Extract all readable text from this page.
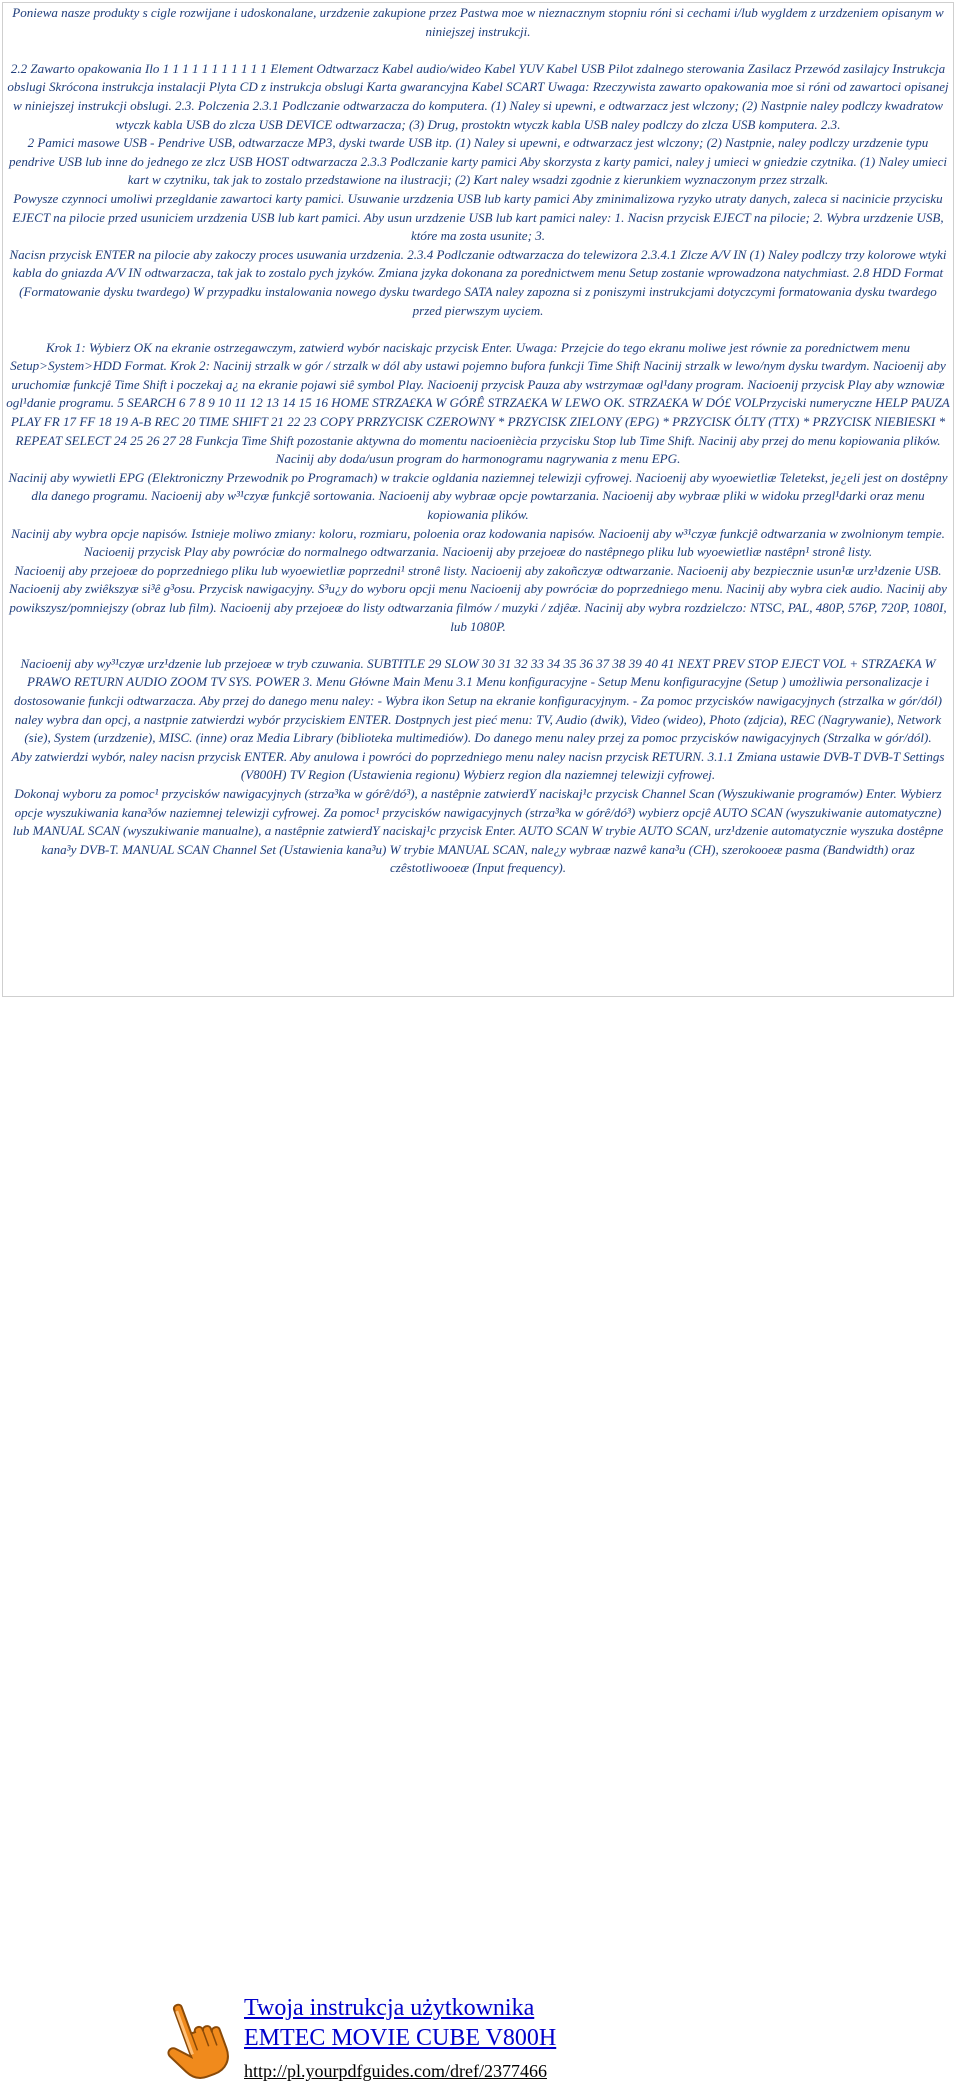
Poniewa nasze produkty s cigle rozwijane i udoskonalane, urzdzenie zakupione przez Pastwa moe w nieznacznym stopniu róni si cechami i/lub wygldem z urzdzeniem opisanym w niniejszej instrukcji.

2.2 Zawarto opakowania Ilo 1 1 1 1 1 1 1 1 1 1 1 Element Odtwarzacz Kabel audio/wideo Kabel YUV Kabel USB Pilot zdalnego sterowania Zasilacz Przewód zasilajcy Instrukcja obslugi Skrócona instrukcja instalacji Plyta CD z instrukcja obslugi Karta gwarancyjna Kabel SCART Uwaga: Rzeczywista zawarto opakowania moe si róni od zawartoci opisanej w niniejszej instrukcji obslugi. 2.3. Polczenia 2.3.1 Podlczanie odtwarzacza do komputera. (1) Naley si upewni, e odtwarzacz jest wlczony; (2) Nastpnie naley podlczy kwadratow wtyczk kabla USB do zlcza USB DEVICE odtwarzacza; (3) Drug, prostoktn wtyczk kabla USB naley podlczy do zlcza USB komputera. 2.3.

2 Pamici masowe USB - Pendrive USB, odtwarzacze MP3, dyski twarde USB itp. (1) Naley si upewni, e odtwarzacz jest wlczony; (2) Nastpnie, naley podlczy urzdzenie typu pendrive USB lub inne do jednego ze zlcz USB HOST odtwarzacza 2.3.3 Podlczanie karty pamici Aby skorzysta z karty pamici, naley j umieci w gniedzie czytnika. (1) Naley umieci kart w czytniku, tak jak to zostalo przedstawione na ilustracji; (2) Kart naley wsadzi zgodnie z kierunkiem wyznaczonym przez strzalk.

Powysze czynnoci umoliwi przegldanie zawartoci karty pamici. Usuwanie urzdzenia USB lub karty pamici Aby zminimalizowa ryzyko utraty danych, zaleca si nacinicie przycisku EJECT na pilocie przed usuniciem urzdzenia USB lub kart pamici. Aby usun urzdzenie USB lub kart pamici naley: 1. Nacisn przycisk EJECT na pilocie; 2. Wybra urzdzenie USB, które ma zosta usunite; 3.

Nacisn przycisk ENTER na pilocie aby zakoczy proces usuwania urzdzenia. 2.3.4 Podlczanie odtwarzacza do telewizora 2.3.4.1 Zlcze A/V IN (1) Naley podlczy trzy kolorowe wtyki kabla do gniazda A/V IN odtwarzacza, tak jak to zostalo pych jzyków. Zmiana jzyka dokonana za porednictwem menu Setup zostanie wprowadzona natychmiast. 2.8 HDD Format (Formatowanie dysku twardego) W przypadku instalowania nowego dysku twardego SATA naley zapozna si z poniszymi instrukcjami dotyczcymi formatowania dysku twardego przed pierwszym uyciem.

Krok 1: Wybierz OK na ekranie ostrzegawczym, zatwierd wybór naciskajc przycisk Enter. Uwaga: Przejcie do tego ekranu moliwe jest równie za porednictwem menu Setup>System>HDD Format. Krok 2: Nacinij strzalk w gór / strzalk w dól aby ustawi pojemno bufora funkcji Time Shift Nacinij strzalk w lewo/nym dysku twardym. Nacioenij aby uruchomiæ funkcjê Time Shift i poczekaj a¿ na ekranie pojawi siê symbol Play. Nacioenij przycisk Pauza aby wstrzymaæ ogl¹dany program. Nacioenij przycisk Play aby wznowiæ ogl¹danie programu. 5 SEARCH 6 7 8 9 10 11 12 13 14 15 16 HOME STRZA£KA W GÓRÊ STRZA£KA W LEWO OK. STRZA£KA W DÓ£ VOLPrzyciski numeryczne HELP PAUZA PLAY FR 17 FF 18 19 A-B REC 20 TIME SHIFT 21 22 23 COPY PRRZYCISK CZEROWNY * PRZYCISK ZIELONY (EPG) * PRZYCISK ÓLTY (TTX) * PRZYCISK NIEBIESKI * REPEAT SELECT 24 25 26 27 28 Funkcja Time Shift pozostanie aktywna do momentu nacioeniècia przycisku Stop lub Time Shift. Nacinij aby przej do menu kopiowania plików. Nacinij aby doda/usun program do harmonogramu nagrywania z menu EPG.

Nacinij aby wywietli EPG (Elektroniczny Przewodnik po Programach) w trakcie ogldania naziemnej telewizji cyfrowej. Nacioenij aby wyoewietliæ Teletekst, je¿eli jest on dostêpny dla danego programu. Nacioenij aby w³¹czyæ funkcjê sortowania. Nacioenij aby wybraæ opcje powtarzania. Nacioenij aby wybraæ pliki w widoku przegl¹darki oraz menu kopiowania plików.

Nacinij aby wybra opcje napisów. Istnieje moliwo zmiany: koloru, rozmiaru, poloenia oraz kodowania napisów. Nacioenij aby w³¹czyæ funkcjê odtwarzania w zwolnionym tempie. Nacioenij przycisk Play aby powróciæ do normalnego odtwarzania. Nacioenij aby przejoeæ do nastêpnego pliku lub wyoewietliæ nastêpn¹ stronê listy.

Nacioenij aby przejoeæ do poprzedniego pliku lub wyoewietliæ poprzedni¹ stronê listy. Nacioenij aby zakoñczyæ odtwarzanie. Nacioenij aby bezpiecznie usun¹æ urz¹dzenie USB. Nacioenij aby zwiêkszyæ si³ê g³osu. Przycisk nawigacyjny. S³u¿y do wyboru opcji menu Nacioenij aby powróciæ do poprzedniego menu. Nacinij aby wybra ciek audio. Nacinij aby powikszysz/pomniejszy (obraz lub film). Nacioenij aby przejoeæ do listy odtwarzania filmów / muzyki / zdjêæ. Nacinij aby wybra rozdzielczo: NTSC, PAL, 480P, 576P, 720P, 1080I, lub 1080P.

Nacioenij aby wy³¹czyæ urz¹dzenie lub przejoeæ w tryb czuwania. SUBTITLE 29 SLOW 30 31 32 33 34 35 36 37 38 39 40 41 NEXT PREV STOP EJECT VOL + STRZA£KA W PRAWO RETURN AUDIO ZOOM TV SYS. POWER 3. Menu Główne Main Menu 3.1 Menu konfiguracyjne - Setup Menu konfiguracyjne (Setup ) umożliwia personalizacje i dostosowanie funkcji odtwarzacza. Aby przej do danego menu naley: - Wybra ikon Setup na ekranie konfiguracyjnym. - Za pomoc przycisków nawigacyjnych (strzalka w gór/dól) naley wybra dan opcj, a nastpnie zatwierdzi wybór przyciskiem ENTER. Dostpnych jest pieć menu: TV, Audio (dwik), Video (wideo), Photo (zdjcia), REC (Nagrywanie), Network (sie), System (urzdzenie), MISC. (inne) oraz Media Library (biblioteka multimediów). Do danego menu naley przej za pomoc przycisków nawigacyjnych (Strzalka w gór/dól).

Aby zatwierdzi wybór, naley nacisn przycisk ENTER. Aby anulowa i powróci do poprzedniego menu naley nacisn przycisk RETURN. 3.1.1 Zmiana ustawie DVB-T DVB-T Settings (V800H) TV Region (Ustawienia regionu) Wybierz region dla naziemnej telewizji cyfrowej.

Dokonaj wyboru za pomoc¹ przycisków nawigacyjnych (strza³ka w górê/dó³), a nastêpnie zatwierdY naciskaj¹c przycisk Channel Scan (Wyszukiwanie programów) Enter. Wybierz opcje wyszukiwania kana³ów naziemnej telewizji cyfrowej. Za pomoc¹ przycisków nawigacyjnych (strza³ka w górê/dó³) wybierz opcjê AUTO SCAN (wyszukiwanie automatyczne) lub MANUAL SCAN (wyszukiwanie manualne), a nastêpnie zatwierdY naciskaj¹c przycisk Enter. AUTO SCAN W trybie AUTO SCAN, urz¹dzenie automatycznie wyszuka dostêpne kana³y DVB-T. MANUAL SCAN Channel Set (Ustawienia kana³u) W trybie MANUAL SCAN, nale¿y wybraæ nazwê kana³u (CH), szerokooeæ pasma (Bandwidth) oraz czêstotliwooeæ (Input frequency).

Twoja instrukcja użytkownika
EMTEC MOVIE CUBE V800H
http://pl.yourpdfguides.com/dref/2377466
